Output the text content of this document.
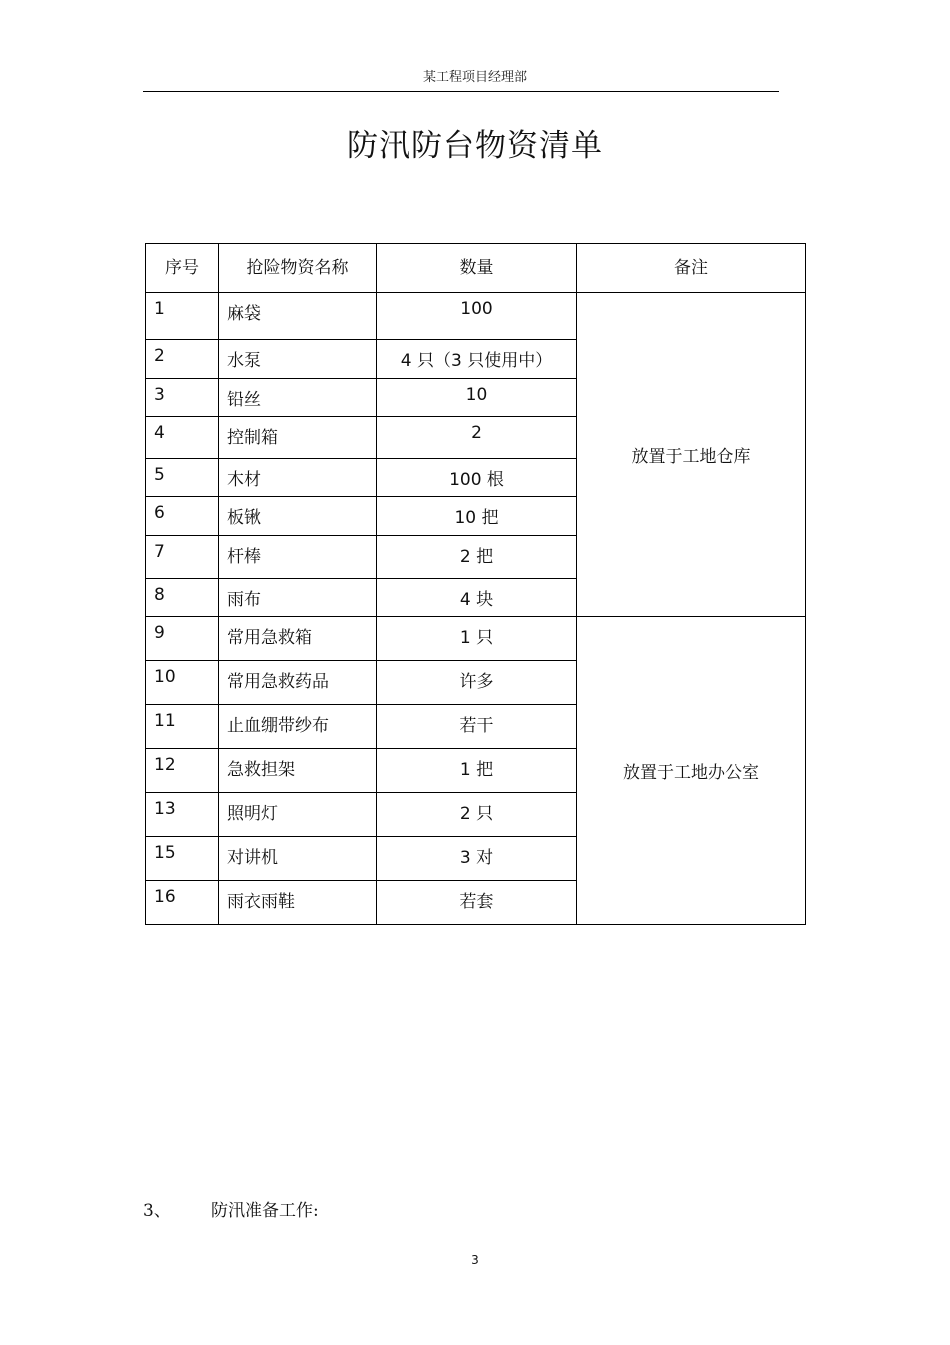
某工程项目经理部
防汛防台物资清单
序号	抢险物资名称	数量	备注
1	麻袋	100	放置于工地仓库
2	水泵	4 只（3 只使用中）	
3	铅丝	10	
4	控制箱	2	
5	木材	100 根	
6	板锹	10 把	
7	杆棒	2 把	
8	雨布	4 块	
9	常用急救箱	1 只	放置于工地办公室
10	常用急救药品	许多	
11	止血绷带纱布	若干	
12	急救担架	1 把	
13	照明灯	2 只	
15	对讲机	3 对	
16	雨衣雨鞋	若套	
3、 防汛准备工作:
3
